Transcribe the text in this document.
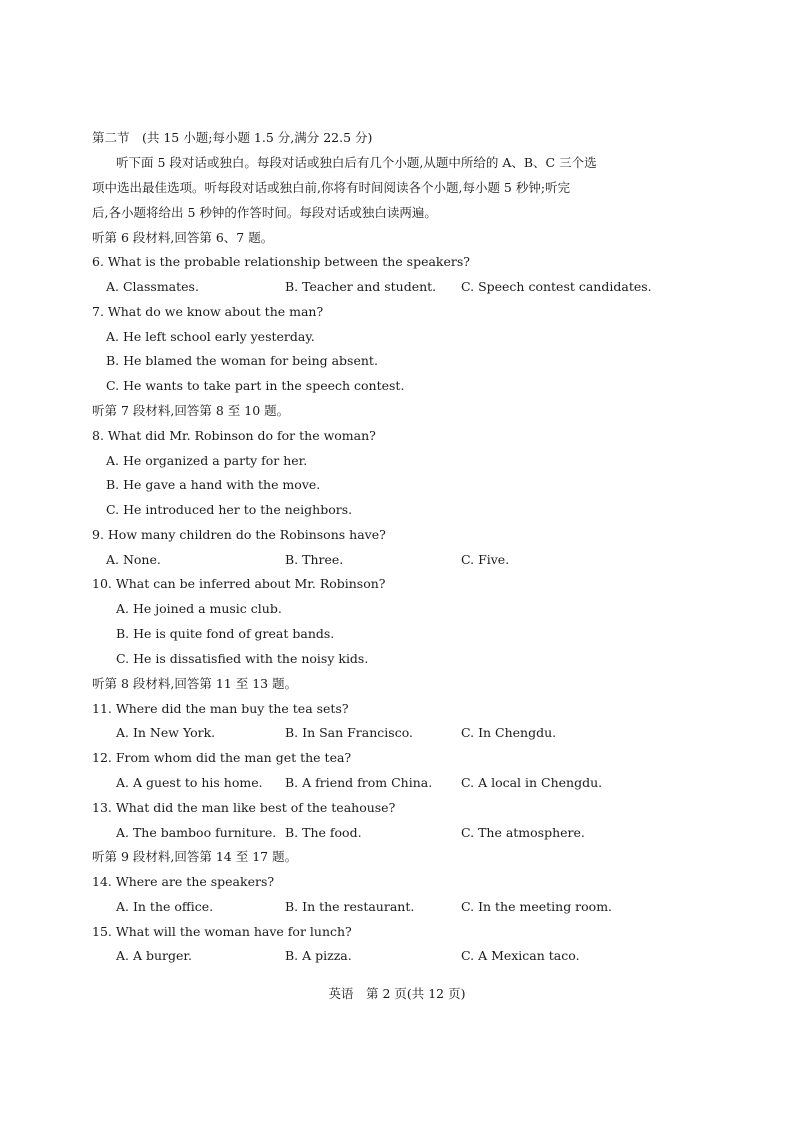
第二节　(共 15 小题;每小题 1.5 分,满分 22.5 分)
听下面 5 段对话或独白。每段对话或独白后有几个小题,从题中所给的 A、B、C 三个选
项中选出最佳选项。听每段对话或独白前,你将有时间阅读各个小题,每小题 5 秒钟;听完
后,各小题将给出 5 秒钟的作答时间。每段对话或独白读两遍。
听第 6 段材料,回答第 6、7 题。
6. What is the probable relationship between the speakers?
A. Classmates.	B. Teacher and student. C. Speech contest candidates.
7. What do we know about the man?
A. He left school early yesterday.
B. He blamed the woman for being absent.
C. He wants to take part in the speech contest.
听第 7 段材料,回答第 8 至 10 题。
8. What did Mr. Robinson do for the woman?
A. He organized a party for her.
B. He gave a hand with the move.
C. He introduced her to the neighbors.
9. How many children do the Robinsons have?
A. None.	B. Three.	C. Five.
10. What can be inferred about Mr. Robinson?
A. He joined a music club.
B. He is quite fond of great bands.
C. He is dissatisfied with the noisy kids.
听第 8 段材料,回答第 11 至 13 题。
11. Where did the man buy the tea sets?
A. In New York.	B. In San Francisco.	C. In Chengdu.
12. From whom did the man get the tea?
A. A guest to his home. B. A friend from China. C. A local in Chengdu.
13. What did the man like best of the teahouse?
A. The bamboo furniture. B. The food.	C. The atmosphere.
听第 9 段材料,回答第 14 至 17 题。
14. Where are the speakers?
A. In the office.	B. In the restaurant.	C. In the meeting room.
15. What will the woman have for lunch?
A. A burger.	B. A pizza.	C. A Mexican taco.
英语　第 2 页(共 12 页)
